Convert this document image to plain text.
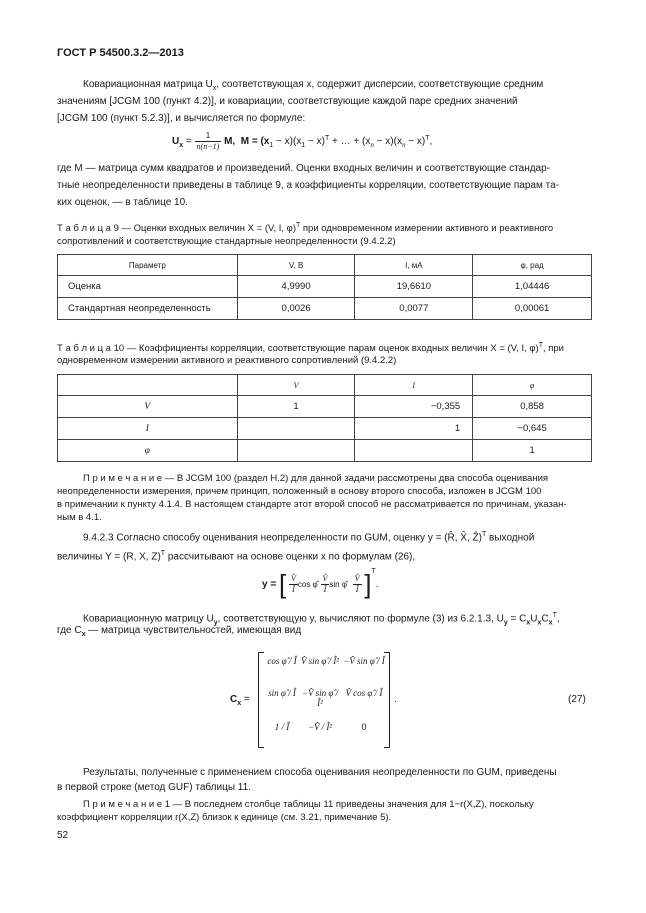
ГОСТ Р 54500.3.2—2013
Ковариационная матрица $U_x$, соответствующая x, содержит дисперсии, соответствующие средним
значениям [JCGM 100 (пункт 4.2)], и ковариации, соответствующие каждой паре средних значений
[JCGM 100 (пункт 5.2.3)], и вычисляется по формуле:
$U_x = \frac{1}{n(n-1)} M$, $M = (x_1 - x)(x_1 - x)^T$ + … + $(x_n - x)(x_n - x)^T$,
где M — матрица сумм квадратов и произведений. Оценки входных величин и соответствующие стандар-
тные неопределенности приведены в таблице 9, а коэффициенты корреляции, соответствующие парам та-
ких оценок, — в таблице 10.
Т а б л и ц а 9 — Оценки входных величин X = (V, I, φ)$^T$ при одновременном измерении активного и реактивного
сопротивлений и соответствующие стандартные неопределенности (9.4.2.2)
Параметр	V, В	I, мА	φ, рад
Оценка	4,9990	19,6610	1,04446
Стандартная неопределенность	0,0026	0,0077	0,00061
Т а б л и ц а 10 — Коэффициенты корреляции, соответствующие парам оценок входных величин X = (V, I, φ)$^T$, при
одновременном измерении активного и реактивного сопротивлений (9.4.2.2)
	V	I	φ
V	1	−0,355	0,858
I		1	−0,645
φ			1
П р и м е ч а н и е — В JCGM 100 (раздел Н.2) для данной задачи рассмотрены два способа оценивания
неопределенности измерения, причем принцип, положенный в основу второго способа, изложен в JCGM 100
в примечании к пункту 4.1.4. В настоящем стандарте этот второй способ не рассматривается по причинам, указан-
ным в 4.1.
9.4.2.3 Согласно способу оценивания неопределенности по GUM, оценку y = (R̂, X̂, Ẑ)$^T$ выходной
величины Y = (R, X, Z)$^T$ рассчитывают на основе оценки x по формулам (26),
y = [ $\frac{V̂}{Î}$ cos φ̂ $\frac{V̂}{Î}$ sin φ̂ $\frac{V̂}{Î} ]^T$.
Ковариационную матрицу $U_y$, соответствующую y, вычисляют по формуле (3) из 6.2.1.3, $U_y = C_xU_xC_x^T$,
где $C_x$ — матрица чувствительностей, имеющая вид
$C_x$ =
cos φ̂ / Î V̂ sin φ̂ / Î² −V̂ sin φ̂ / Î
sin φ̂ / Î −V̂ sin φ̂ / Î²
V̂ cos φ̂ / Î
1 / Î	−V̂ / Î²	0
.	(27)
Результаты, полученные с применением способа оценивания неопределенности по GUM, приведены
в первой строке (метод GUF) таблицы 11.
П р и м е ч а н и е 1 — В последнем столбце таблицы 11 приведены значения для 1−r(X,Z), поскольку
коэффициент корреляции r(X,Z) близок к единице (см. 3.21, примечание 5).
52
